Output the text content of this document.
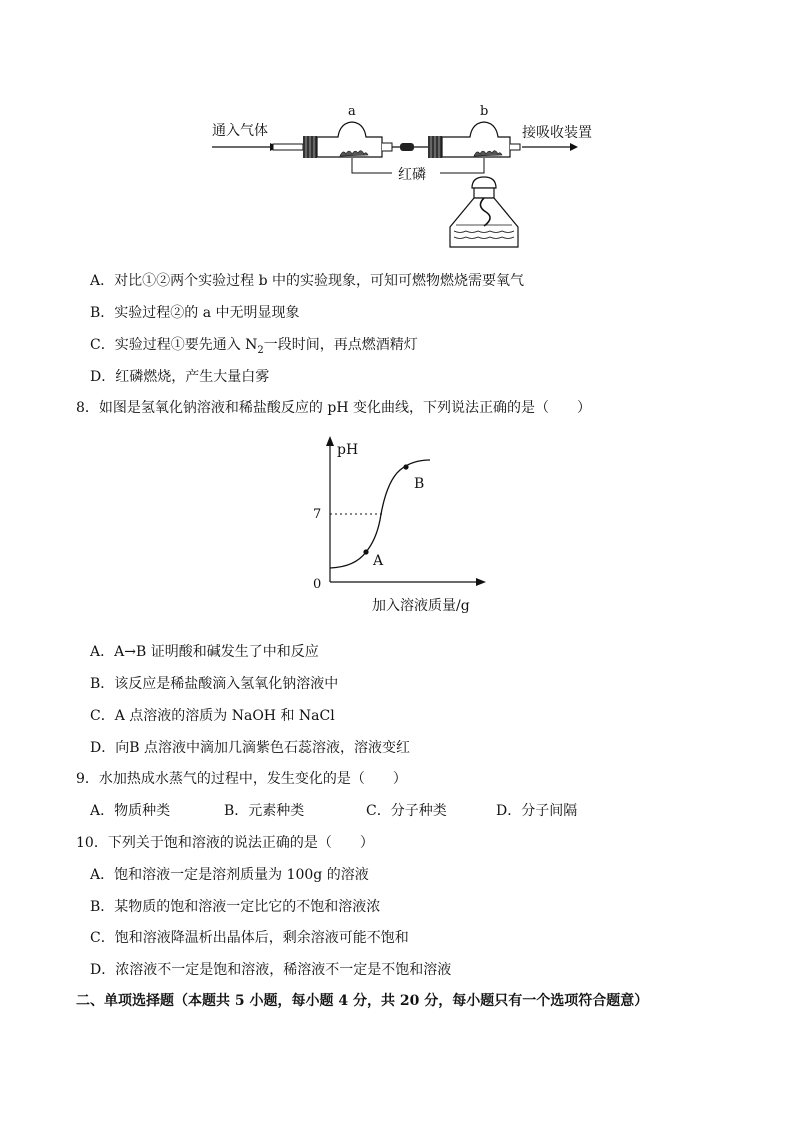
通入气体
a	b
接吸收装置
红磷
A．对比①②两个实验过程 b 中的实验现象，可知可燃物燃烧需要氧气
B．实验过程②的 a 中无明显现象
C．实验过程①要先通入 $N_2$一段时间，再点燃酒精灯
D．红磷燃烧，产生大量白雾
8．如图是氢氧化钠溶液和稀盐酸反应的 pH 变化曲线，下列说法正确的是（　　）
pH
0
7
A
B
加入溶液质量/g
A．A→B 证明酸和碱发生了中和反应
B．该反应是稀盐酸滴入氢氧化钠溶液中
C．A 点溶液的溶质为 NaOH 和 NaCl
D．向B 点溶液中滴加几滴紫色石蕊溶液，溶液变红
9．水加热成水蒸气的过程中，发生变化的是（　　）
A．物质种类	B．元素种类	C．分子种类	D．分子间隔
10．下列关于饱和溶液的说法正确的是（　　）
A．饱和溶液一定是溶剂质量为 100g 的溶液
B．某物质的饱和溶液一定比它的不饱和溶液浓
C．饱和溶液降温析出晶体后，剩余溶液可能不饱和
D．浓溶液不一定是饱和溶液，稀溶液不一定是不饱和溶液
二、单项选择题（本题共 5 小题，每小题 4 分，共 20 分，每小题只有一个选项符合题意）
